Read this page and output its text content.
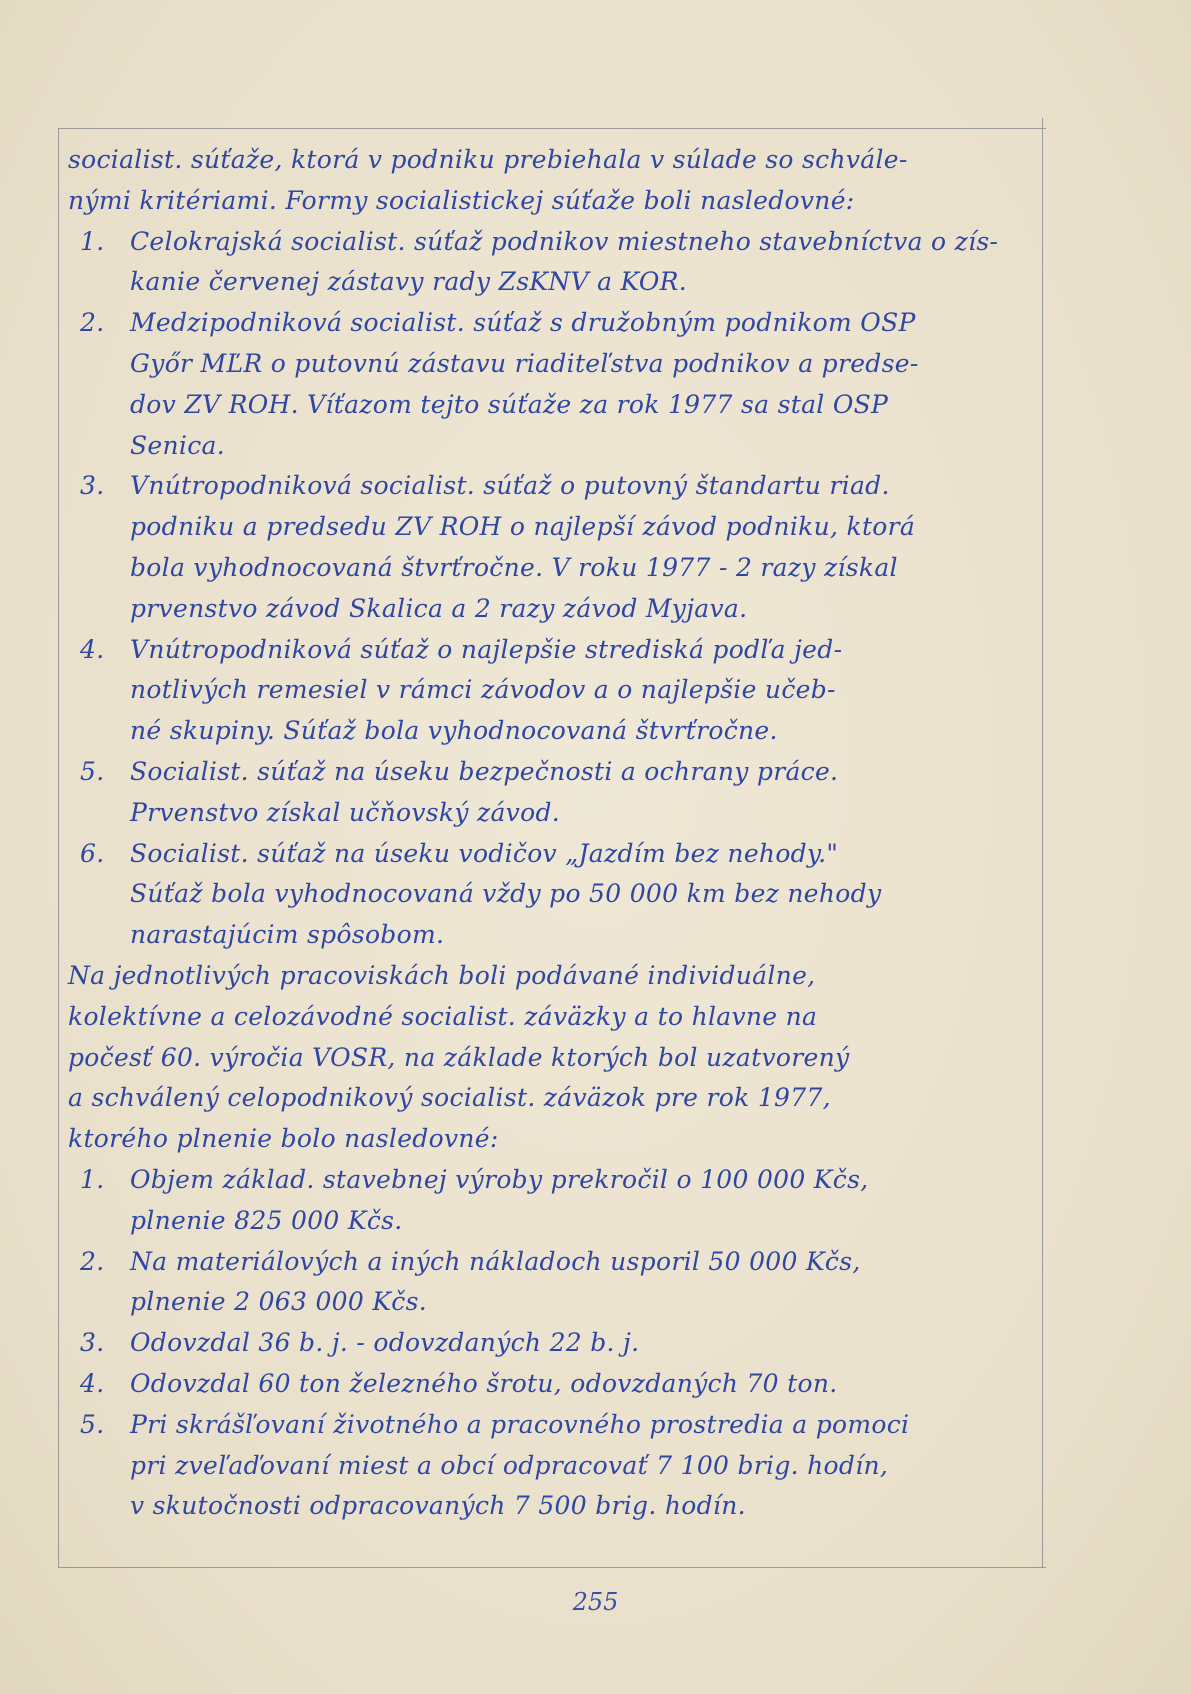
socialist. súťaže, ktorá v podniku prebiehala v súlade so schvále-
nými kritériami. Formy socialistickej súťaže boli nasledovné:
1.	Celokrajská socialist. súťaž podnikov miestneho stavebníctva o zís-
kanie červenej zástavy rady ZsKNV a KOR.
2.	Medzipodniková socialist. súťaž s družobným podnikom OSP
Győr MĽR o putovnú zástavu riaditeľstva podnikov a predse-
dov ZV ROH. Víťazom tejto súťaže za rok 1977 sa stal OSP
Senica.
3.	Vnútropodniková socialist. súťaž o putovný štandartu riad.
podniku a predsedu ZV ROH o najlepší závod podniku, ktorá
bola vyhodnocovaná štvrťročne. V roku 1977 - 2 razy získal
prvenstvo závod Skalica a 2 razy závod Myjava.
4.	Vnútropodniková súťaž o najlepšie strediská podľa jed-
notlivých remesiel v rámci závodov a o najlepšie učeb-
né skupiny. Súťaž bola vyhodnocovaná štvrťročne.
5.	Socialist. súťaž na úseku bezpečnosti a ochrany práce.
Prvenstvo získal učňovský závod.
6.	Socialist. súťaž na úseku vodičov „Jazdím bez nehody."
Súťaž bola vyhodnocovaná vždy po 50 000 km bez nehody
narastajúcim spôsobom.
Na jednotlivých pracoviskách boli podávané individuálne,
kolektívne a celozávodné socialist. záväzky a to hlavne na
počesť 60. výročia VOSR, na základe ktorých bol uzatvorený
a schválený celopodnikový socialist. záväzok pre rok 1977,
ktorého plnenie bolo nasledovné:
1.	Objem základ. stavebnej výroby prekročil o 100 000 Kčs,
plnenie 825 000 Kčs.
2.	Na materiálových a iných nákladoch usporil 50 000 Kčs,
plnenie 2 063 000 Kčs.
3.	Odovzdal 36 b. j. - odovzdaných 22 b. j.
4.	Odovzdal 60 ton železného šrotu, odovzdaných 70 ton.
5.	Pri skrášľovaní životného a pracovného prostredia a pomoci
pri zveľaďovaní miest a obcí odpracovať 7 100 brig. hodín,
v skutočnosti odpracovaných 7 500 brig. hodín.
255
